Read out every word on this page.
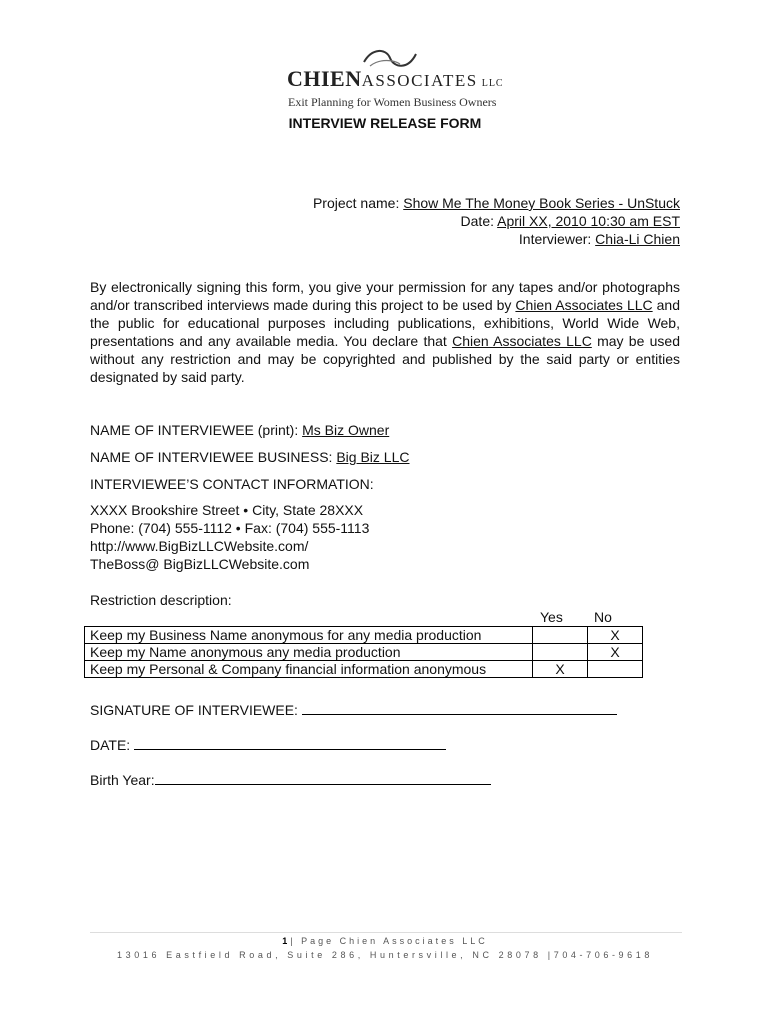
CHIENASSOCIATES LLC
Exit Planning for Women Business Owners
INTERVIEW RELEASE FORM
Project name: Show Me The Money Book Series - UnStuck
Date: April XX, 2010 10:30 am EST
Interviewer: Chia-Li Chien
By electronically signing this form, you give your permission for any tapes and/or photographs and/or transcribed interviews made during this project to be used by Chien Associates LLC and the public for educational purposes including publications, exhibitions, World Wide Web, presentations and any available media. You declare that Chien Associates LLC may be used without any restriction and may be copyrighted and published by the said party or entities designated by said party.
NAME OF INTERVIEWEE (print): Ms Biz Owner
NAME OF INTERVIEWEE BUSINESS: Big Biz LLC
INTERVIEWEE’S CONTACT INFORMATION:
XXXX Brookshire Street • City, State 28XXX
Phone: (704) 555-1112 • Fax: (704) 555-1113
http://www.BigBizLLCWebsite.com/
TheBoss@ BigBizLLCWebsite.com
Restriction description:
Yes No
Keep my Business Name anonymous for any media production		X
Keep my Name anonymous any media production		X
Keep my Personal & Company financial information anonymous	X	
SIGNATURE OF INTERVIEWEE:
DATE:
Birth Year:
1| Page Chien Associates LLC
13016 Eastfield Road, Suite 286, Huntersville, NC 28078 |704-706-9618
